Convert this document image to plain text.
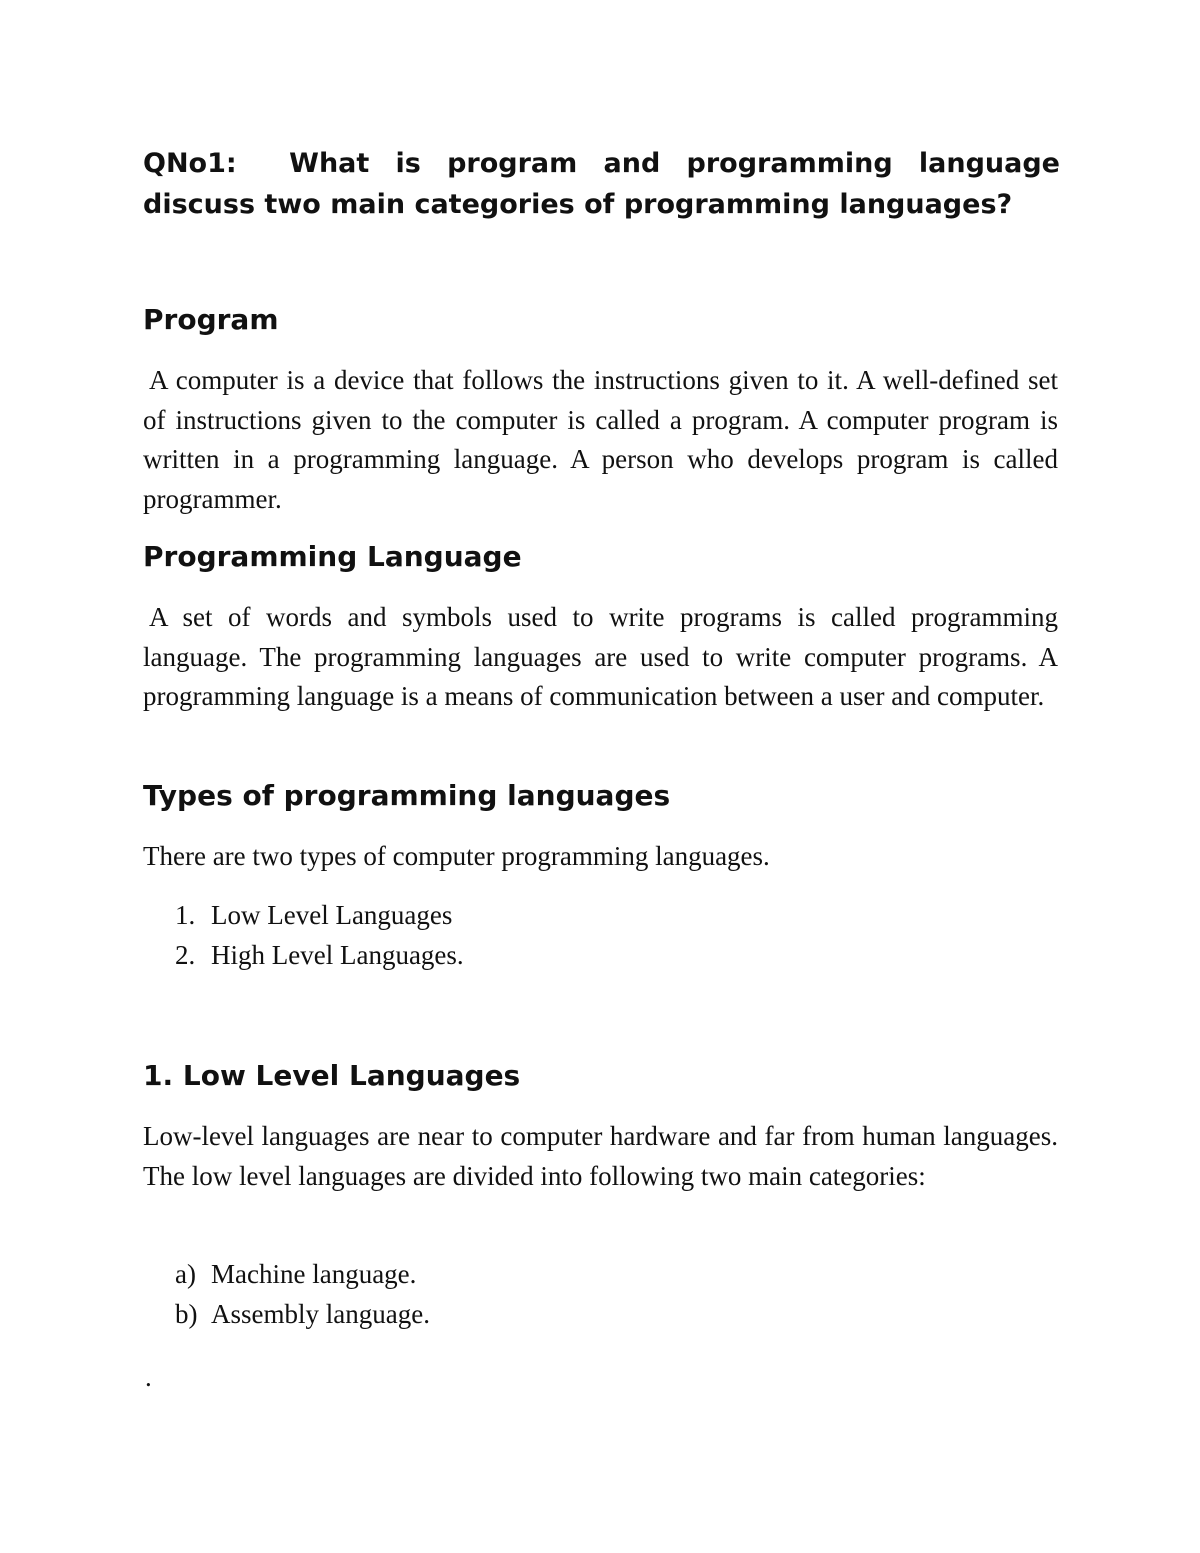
QNo1: What is program and programming language discuss two main categories of programming languages?

Program

A computer is a device that follows the instructions given to it. A well-defined set of instructions given to the computer is called a program. A computer program is written in a programming language. A person who develops program is called programmer.

Programming Language

A set of words and symbols used to write programs is called programming language. The programming languages are used to write computer programs. A programming language is a means of communication between a user and computer.

Types of programming languages

There are two types of computer programming languages.

1. Low Level Languages
2. High Level Languages.
1. Low Level Languages

Low-level languages are near to computer hardware and far from human languages. The low level languages are divided into following two main categories:

a) Machine language.
b) Assembly language.

.
